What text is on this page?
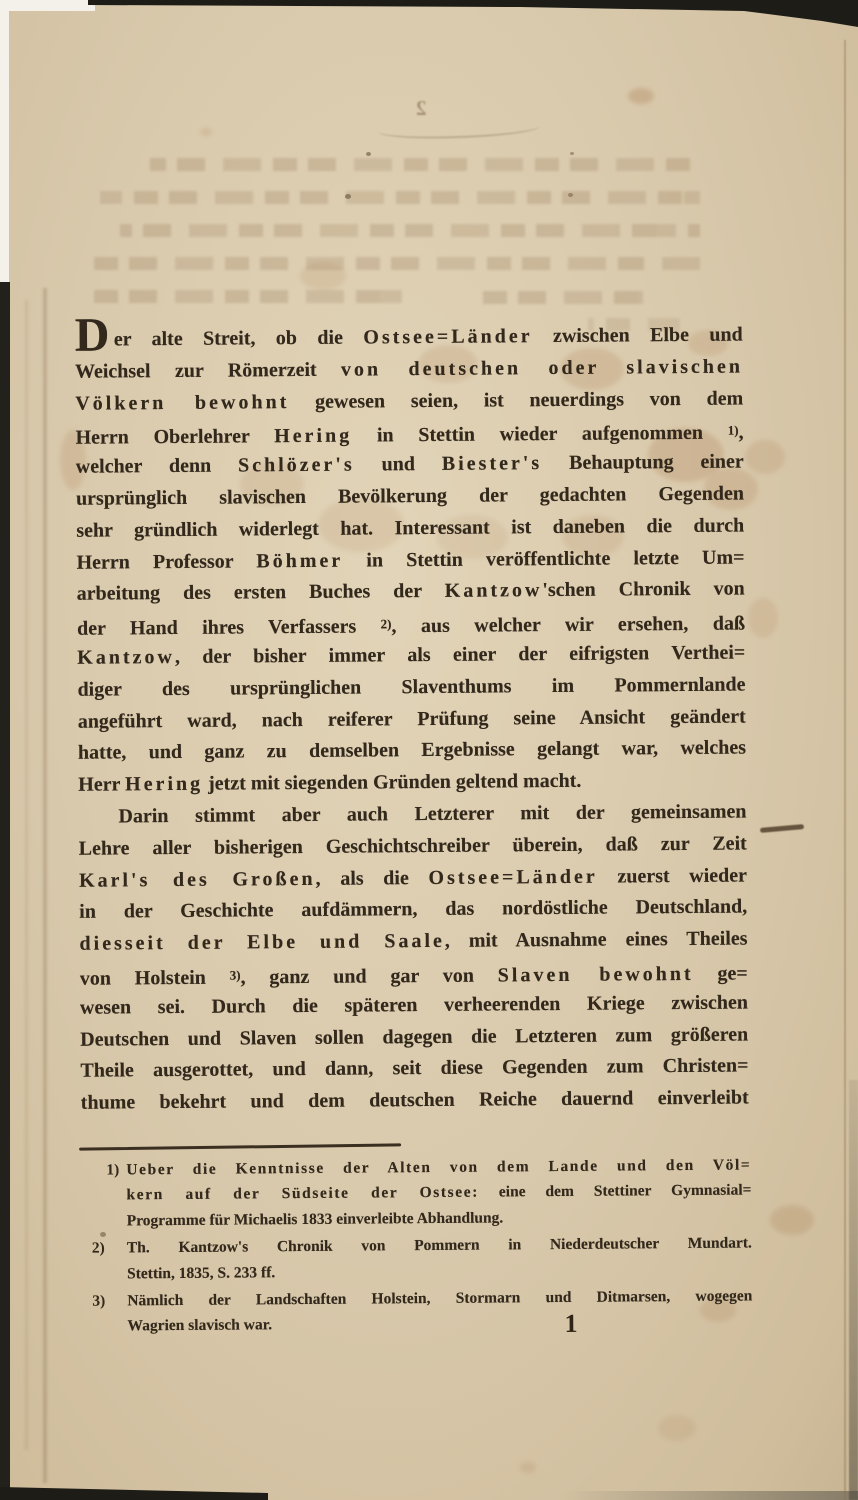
2
Der alte Streit, ob die Ostsee=Länder zwischen Elbe und
Weichsel zur Römerzeit von deutschen oder slavischen
Völkern bewohnt gewesen seien, ist neuerdings von dem
Herrn Oberlehrer Hering in Stettin wieder aufgenommen $^{1)}$,
welcher denn Schlözer's und Biester's Behauptung einer
ursprünglich slavischen Bevölkerung der gedachten Gegenden
sehr gründlich widerlegt hat. Interessant ist daneben die durch
Herrn Professor Böhmer in Stettin veröffentlichte letzte Um=
arbeitung des ersten Buches der Kantzow'schen Chronik von
der Hand ihres Verfassers $^{2)}$, aus welcher wir ersehen, daß
Kantzow, der bisher immer als einer der eifrigsten Verthei=
diger des ursprünglichen Slaventhums im Pommernlande
angeführt ward, nach reiferer Prüfung seine Ansicht geändert
hatte, und ganz zu demselben Ergebnisse gelangt war, welches
Herr Hering jetzt mit siegenden Gründen geltend macht.
Darin stimmt aber auch Letzterer mit der gemeinsamen
Lehre aller bisherigen Geschichtschreiber überein, daß zur Zeit
Karl's des Großen, als die Ostsee=Länder zuerst wieder
in der Geschichte aufdämmern, das nordöstliche Deutschland,
diesseit der Elbe und Saale, mit Ausnahme eines Theiles
von Holstein $^{3)}$, ganz und gar von Slaven bewohnt ge=
wesen sei. Durch die späteren verheerenden Kriege zwischen
Deutschen und Slaven sollen dagegen die Letzteren zum größeren
Theile ausgerottet, und dann, seit diese Gegenden zum Christen=
thume bekehrt und dem deutschen Reiche dauernd einverleibt
1) Ueber die Kenntnisse der Alten von dem Lande und den Völ=
kern auf der Südseite der Ostsee: eine dem Stettiner Gymnasial=
Programme für Michaelis 1833 einverleibte Abhandlung.
2) Th. Kantzow's Chronik von Pommern in Niederdeutscher Mundart.
Stettin, 1835, S. 233 ff.
3) Nämlich der Landschaften Holstein, Stormarn und Ditmarsen, wogegen
Wagrien slavisch war.	1
